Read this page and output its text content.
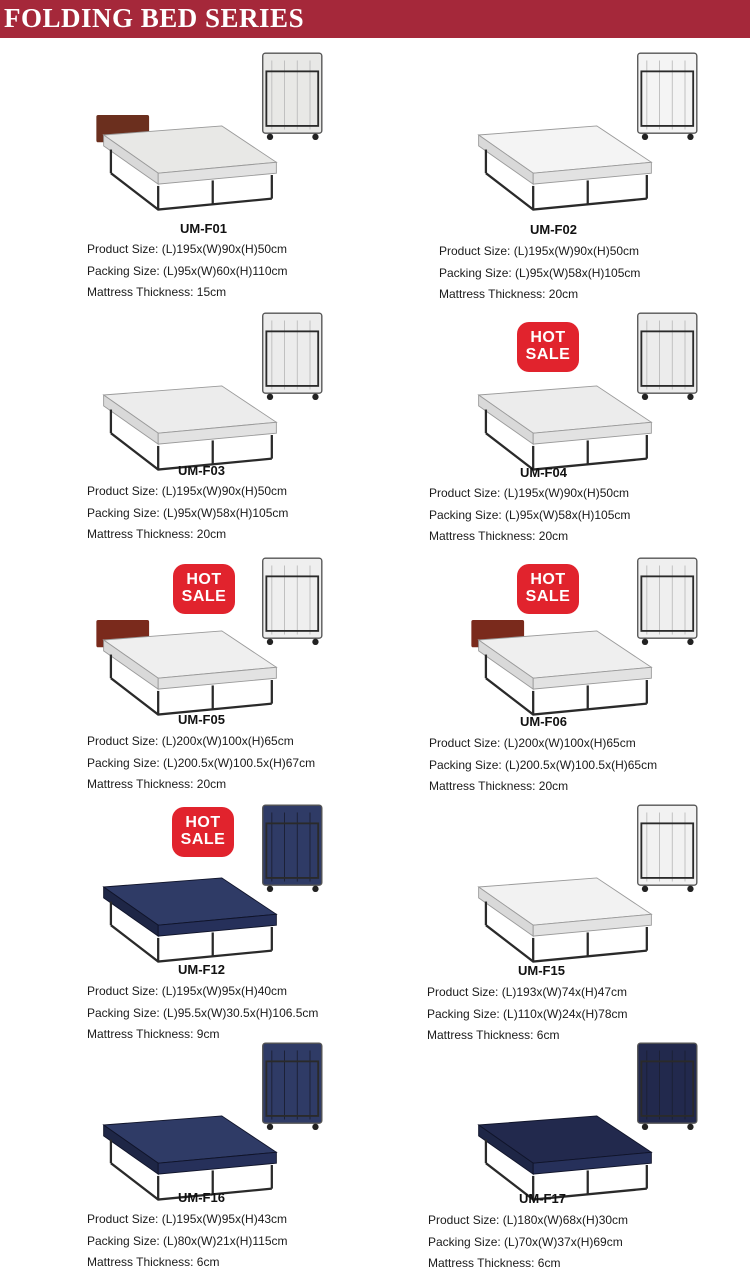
FOLDING BED SERIES
UM-F01
Product Size: (L)195x(W)90x(H)50cm
Packing Size: (L)95x(W)60x(H)110cm
Mattress Thickness: 15cm
UM-F02
Product Size: (L)195x(W)90x(H)50cm
Packing Size: (L)95x(W)58x(H)105cm
Mattress Thickness: 20cm
UM-F03
Product Size: (L)195x(W)90x(H)50cm
Packing Size: (L)95x(W)58x(H)105cm
Mattress Thickness: 20cm
HOT
SALE
UM-F04
Product Size: (L)195x(W)90x(H)50cm
Packing Size: (L)95x(W)58x(H)105cm
Mattress Thickness: 20cm
HOT
SALE
UM-F05
Product Size: (L)200x(W)100x(H)65cm
Packing Size: (L)200.5x(W)100.5x(H)67cm
Mattress Thickness: 20cm
HOT
SALE
UM-F06
Product Size: (L)200x(W)100x(H)65cm
Packing Size: (L)200.5x(W)100.5x(H)65cm
Mattress Thickness: 20cm
HOT
SALE
UM-F12
Product Size: (L)195x(W)95x(H)40cm
Packing Size: (L)95.5x(W)30.5x(H)106.5cm
Mattress Thickness: 9cm
UM-F15
Product Size: (L)193x(W)74x(H)47cm
Packing Size: (L)110x(W)24x(H)78cm
Mattress Thickness: 6cm
UM-F16
Product Size: (L)195x(W)95x(H)43cm
Packing Size: (L)80x(W)21x(H)115cm
Mattress Thickness: 6cm
UM-F17
Product Size: (L)180x(W)68x(H)30cm
Packing Size: (L)70x(W)37x(H)69cm
Mattress Thickness: 6cm
